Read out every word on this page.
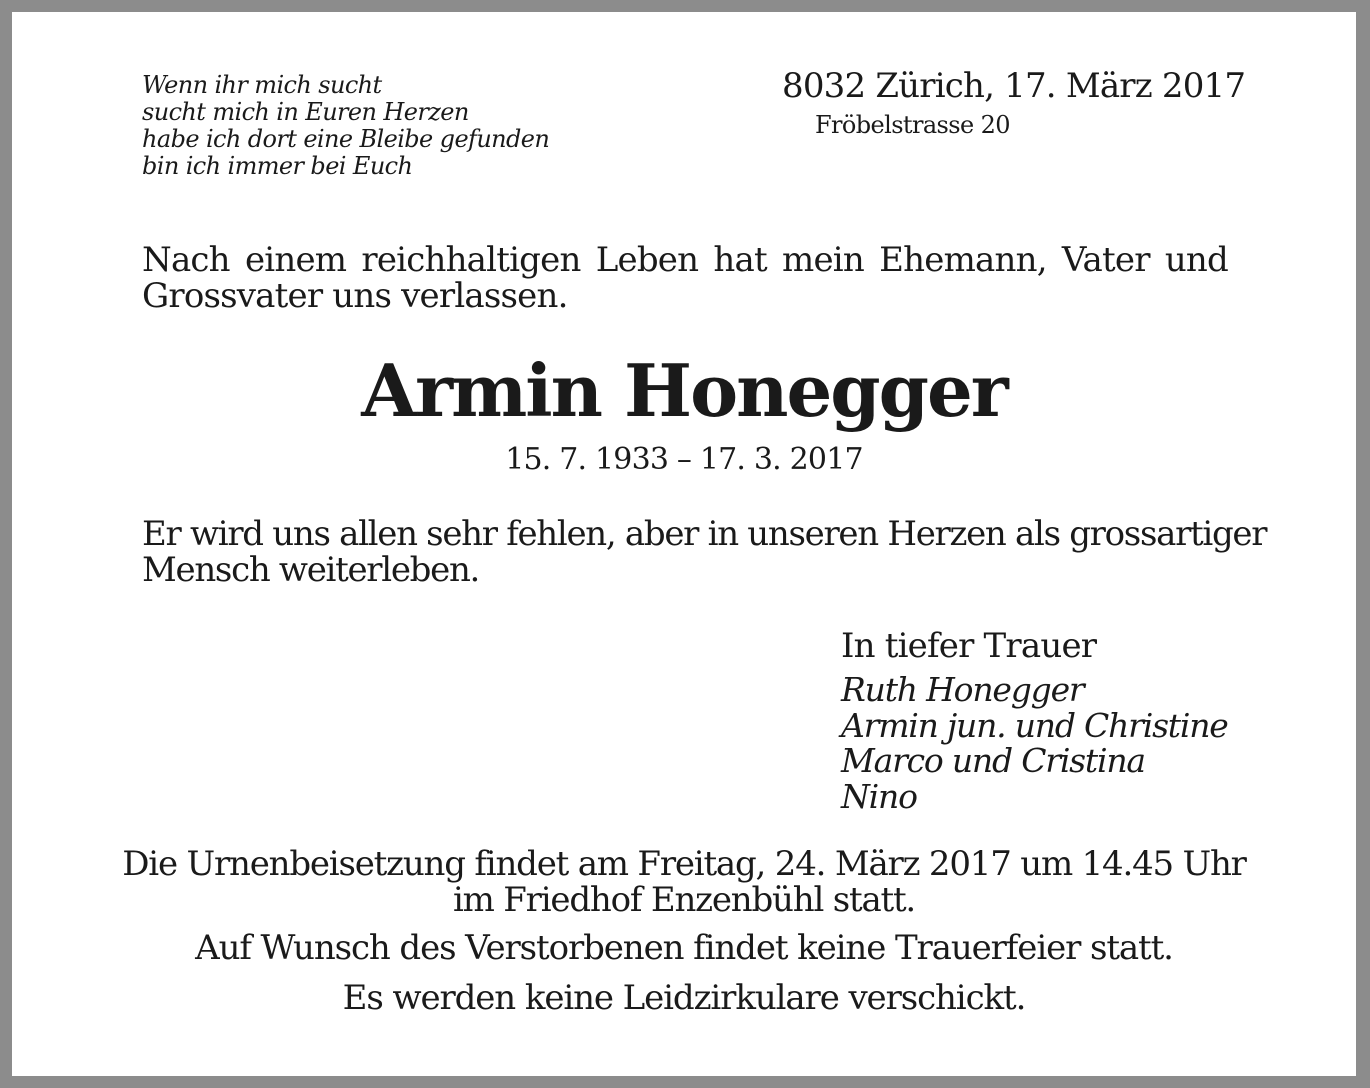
Wenn ihr mich sucht
sucht mich in Euren Herzen
habe ich dort eine Bleibe gefunden
bin ich immer bei Euch
8032 Zürich, 17. März 2017
Fröbelstrasse 20
Nach einem reichhaltigen Leben hat mein Ehemann, Vater und
Grossvater uns verlassen.
Armin Honegger
15. 7. 1933 – 17. 3. 2017
Er wird uns allen sehr fehlen, aber in unseren Herzen als grossartiger
Mensch weiterleben.
In tiefer Trauer
Ruth Honegger
Armin jun. und Christine
Marco und Cristina
Nino
Die Urnenbeisetzung findet am Freitag, 24. März 2017 um 14.45 Uhr
im Friedhof Enzenbühl statt.
Auf Wunsch des Verstorbenen findet keine Trauerfeier statt.
Es werden keine Leidzirkulare verschickt.
